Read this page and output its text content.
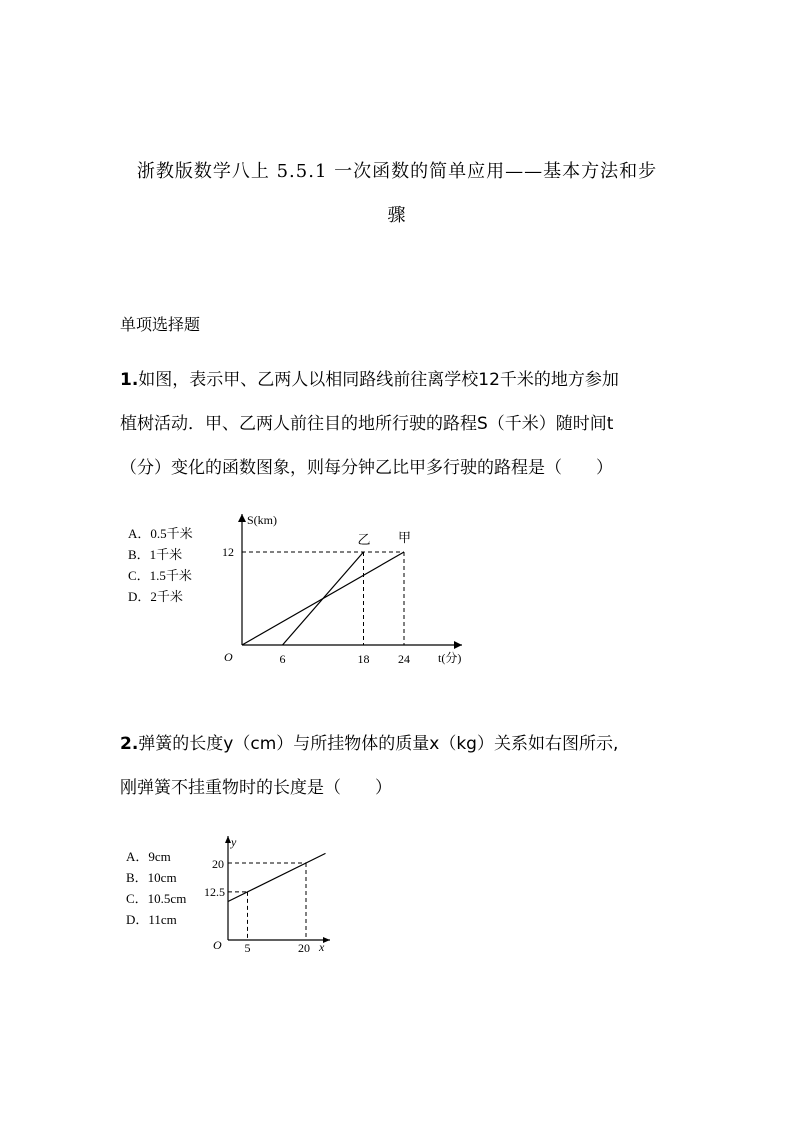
浙教版数学八上 5.5.1 一次函数的简单应用——基本方法和步
骤
单项选择题
1.如图，表示甲、乙两人以相同路线前往离学校12千米的地方参加
植树活动．甲、乙两人前往目的地所行驶的路程S（千米）随时间t
（分）变化的函数图象，则每分钟乙比甲多行驶的路程是（　　）
A．0.5千米
B．1千米
C．1.5千米
D．2千米
S(km)
t(分)
O
乙 甲
6	18 24
12
y
x
O 5	20
20
12.5
2.弹簧的长度y（cm）与所挂物体的质量x（kg）关系如右图所示,
刚弹簧不挂重物时的长度是（　　）
A．9cm
B．10cm
C．10.5cm
D．11cm
